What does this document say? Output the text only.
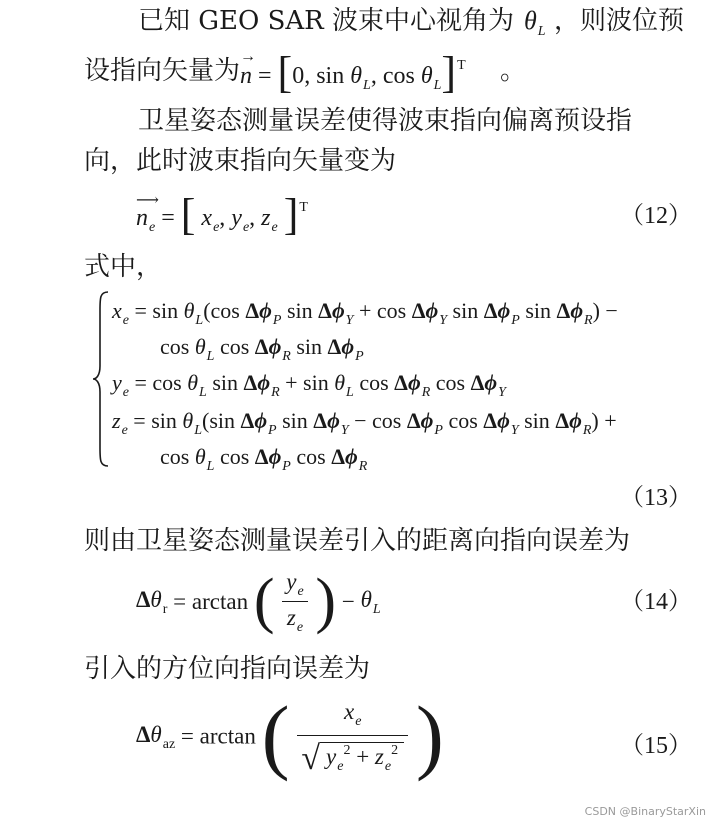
已知 GEO SAR 波束中心视角为 $\theta_L$ ，则波位预
设指向矢量为 →
n = [0, $\sin \theta_L$, $\cos \theta_L]^T$ 。
卫星姿态测量误差使得波束指向偏离预设指
向，此时波束指向矢量变为
⟶
$n_e$ = [ $x_e$, $y_e$, $z_e$ ]$^T$	（12）
式中，
$x_e = \sin \theta_L(\cos$ $\Delta\phi_P$ $\sin \Delta\phi_Y + \cos \Delta\phi_Y$ $\sin \Delta\phi_P$ $\sin \Delta\phi_R$) −
$\cos \theta_L$ $\cos \Delta\phi_R$ $\sin \Delta\phi_P$
$y_e = \cos \theta_L$ $\sin \Delta\phi_R + \sin \theta_L$ $\cos \Delta\phi_R$ $\cos \Delta\phi_Y$
$z_e = \sin \theta_L(\sin$ $\Delta\phi_P$ $\sin \Delta\phi_Y - \cos \Delta\phi_P$ $\cos \Delta\phi_Y$ $\sin \Delta\phi_R$) +
$\cos \theta_L$ $\cos \Delta\phi_P$ $\cos \Delta\phi_R$
（13）
则由卫星姿态测量误差引入的距离向指向误差为
$\Delta\theta_r = \arctan$ ( $\frac{y_e}{z_e}$ ) − $\theta_L$	（14）
引入的方位向指向误差为
$\Delta\theta_{az} = \arctan$ ( $\frac{x_e}{√ y_e^2 + z_e^2}$ )	（15）
CSDN @BinaryStarXin
